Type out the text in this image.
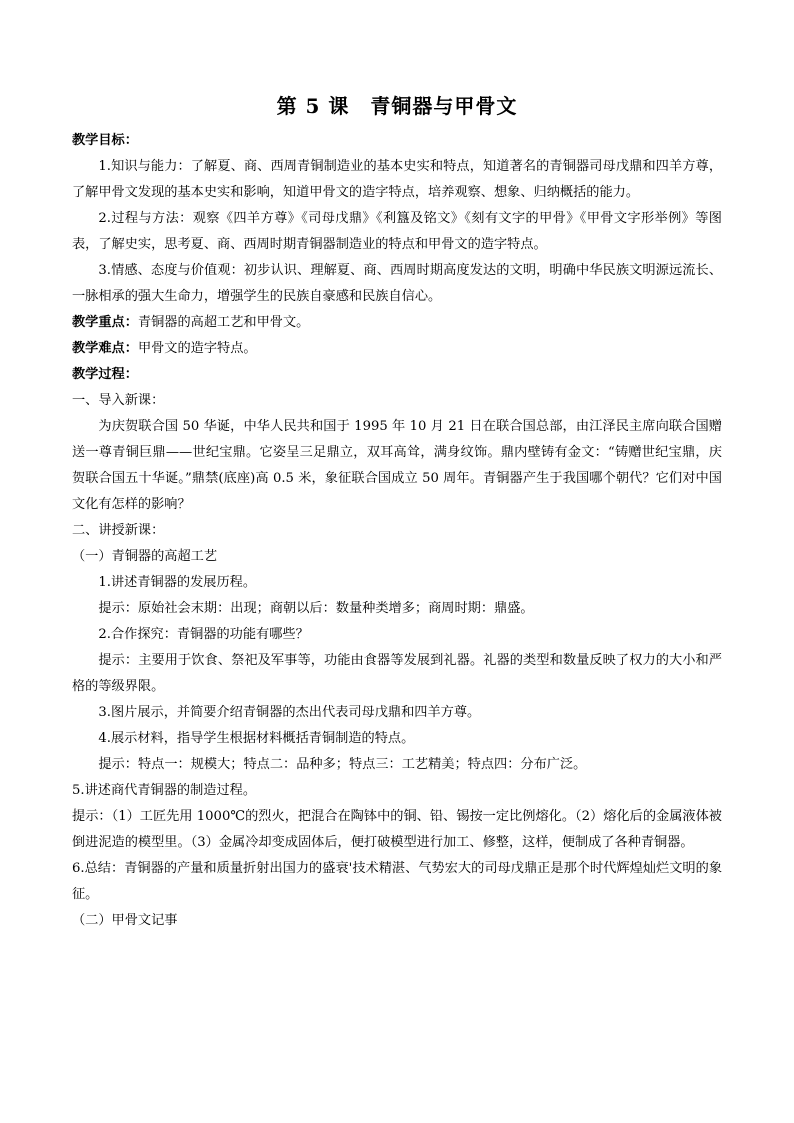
第 5 课　青铜器与甲骨文

教学目标：

1.知识与能力：了解夏、商、西周青铜制造业的基本史实和特点，知道著名的青铜器司母戊鼎和四羊方尊，了解甲骨文发现的基本史实和影响，知道甲骨文的造字特点，培养观察、想象、归纳概括的能力。

2.过程与方法：观察《四羊方尊》《司母戊鼎》《利簋及铭文》《刻有文字的甲骨》《甲骨文字形举例》等图表，了解史实，思考夏、商、西周时期青铜器制造业的特点和甲骨文的造字特点。

3.情感、态度与价值观：初步认识、理解夏、商、西周时期高度发达的文明，明确中华民族文明源远流长、一脉相承的强大生命力，增强学生的民族自豪感和民族自信心。

教学重点：青铜器的高超工艺和甲骨文。

教学难点：甲骨文的造字特点。

教学过程：

一、导入新课：

为庆贺联合国 50 华诞，中华人民共和国于 1995 年 10 月 21 日在联合国总部，由江泽民主席向联合国赠送一尊青铜巨鼎——世纪宝鼎。它姿呈三足鼎立，双耳高耸，满身纹饰。鼎内壁铸有金文：“铸赠世纪宝鼎，庆贺联合国五十华诞。”鼎禁(底座)高 0.5 米，象征联合国成立 50 周年。青铜器产生于我国哪个朝代？它们对中国文化有怎样的影响？

二、讲授新课：

（一）青铜器的高超工艺

1.讲述青铜器的发展历程。

提示：原始社会末期：出现；商朝以后：数量种类增多；商周时期：鼎盛。

2.合作探究：青铜器的功能有哪些？

提示：主要用于饮食、祭祀及军事等，功能由食器等发展到礼器。礼器的类型和数量反映了权力的大小和严格的等级界限。

3.图片展示，并简要介绍青铜器的杰出代表司母戊鼎和四羊方尊。

4.展示材料，指导学生根据材料概括青铜制造的特点。

提示：特点一：规模大；特点二：品种多；特点三：工艺精美；特点四：分布广泛。

5.讲述商代青铜器的制造过程。

提示：（1）工匠先用 1000℃的烈火，把混合在陶钵中的铜、铅、锡按一定比例熔化。（2）熔化后的金属液体被倒进泥造的模型里。（3）金属冷却变成固体后，便打破模型进行加工、修整，这样，便制成了各种青铜器。

6.总结：青铜器的产量和质量折射出国力的盛衰'技术精湛、气势宏大的司母戊鼎正是那个时代辉煌灿烂文明的象征。

（二）甲骨文记事
